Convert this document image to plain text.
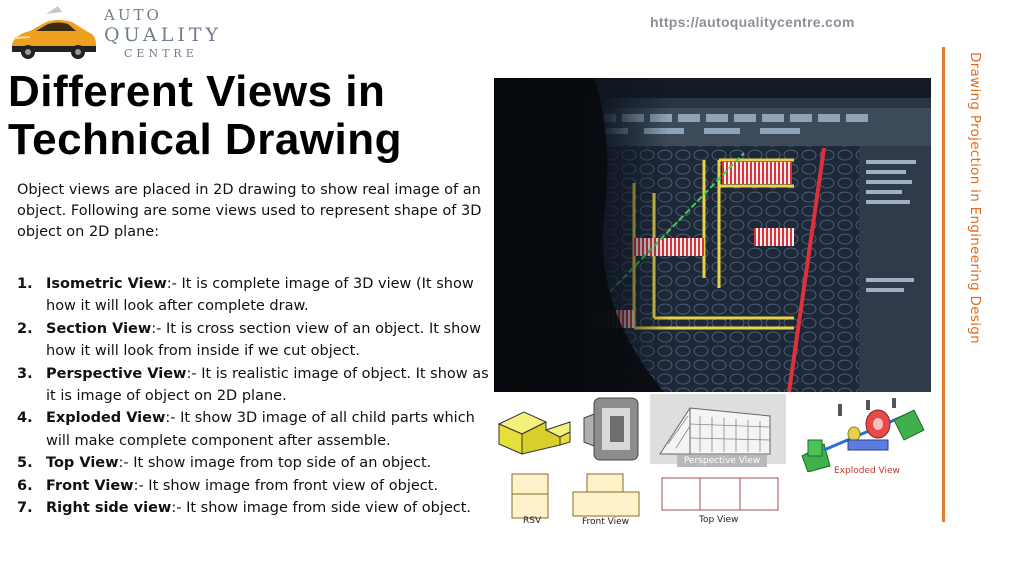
AUTO
QUALITY
CENTRE
https://autoqualitycentre.com
Different Views in
Technical Drawing

Object views are placed in 2D drawing to show real image of an object. Following are some views used to represent shape of 3D object on 2D plane:

1. Isometric View:- It is complete image of 3D view (It show how it will look after complete draw.
2. Section View:- It is cross section view of an object. It show how it will look from inside if we cut object.
3. Perspective View:- It is realistic image of object. It show as it is image of object on 2D plane.
4. Exploded View:- It show 3D image of all child parts which will make complete component after assemble.
5. Top View:- It show image from top side of an object.
6. Front View:- It show image from front view of object.
7. Right side view:- It show image from side view of object.
Perspective View
Exploded View
RSV	Front View	Top View
Drawing Projection in Engineering Design
